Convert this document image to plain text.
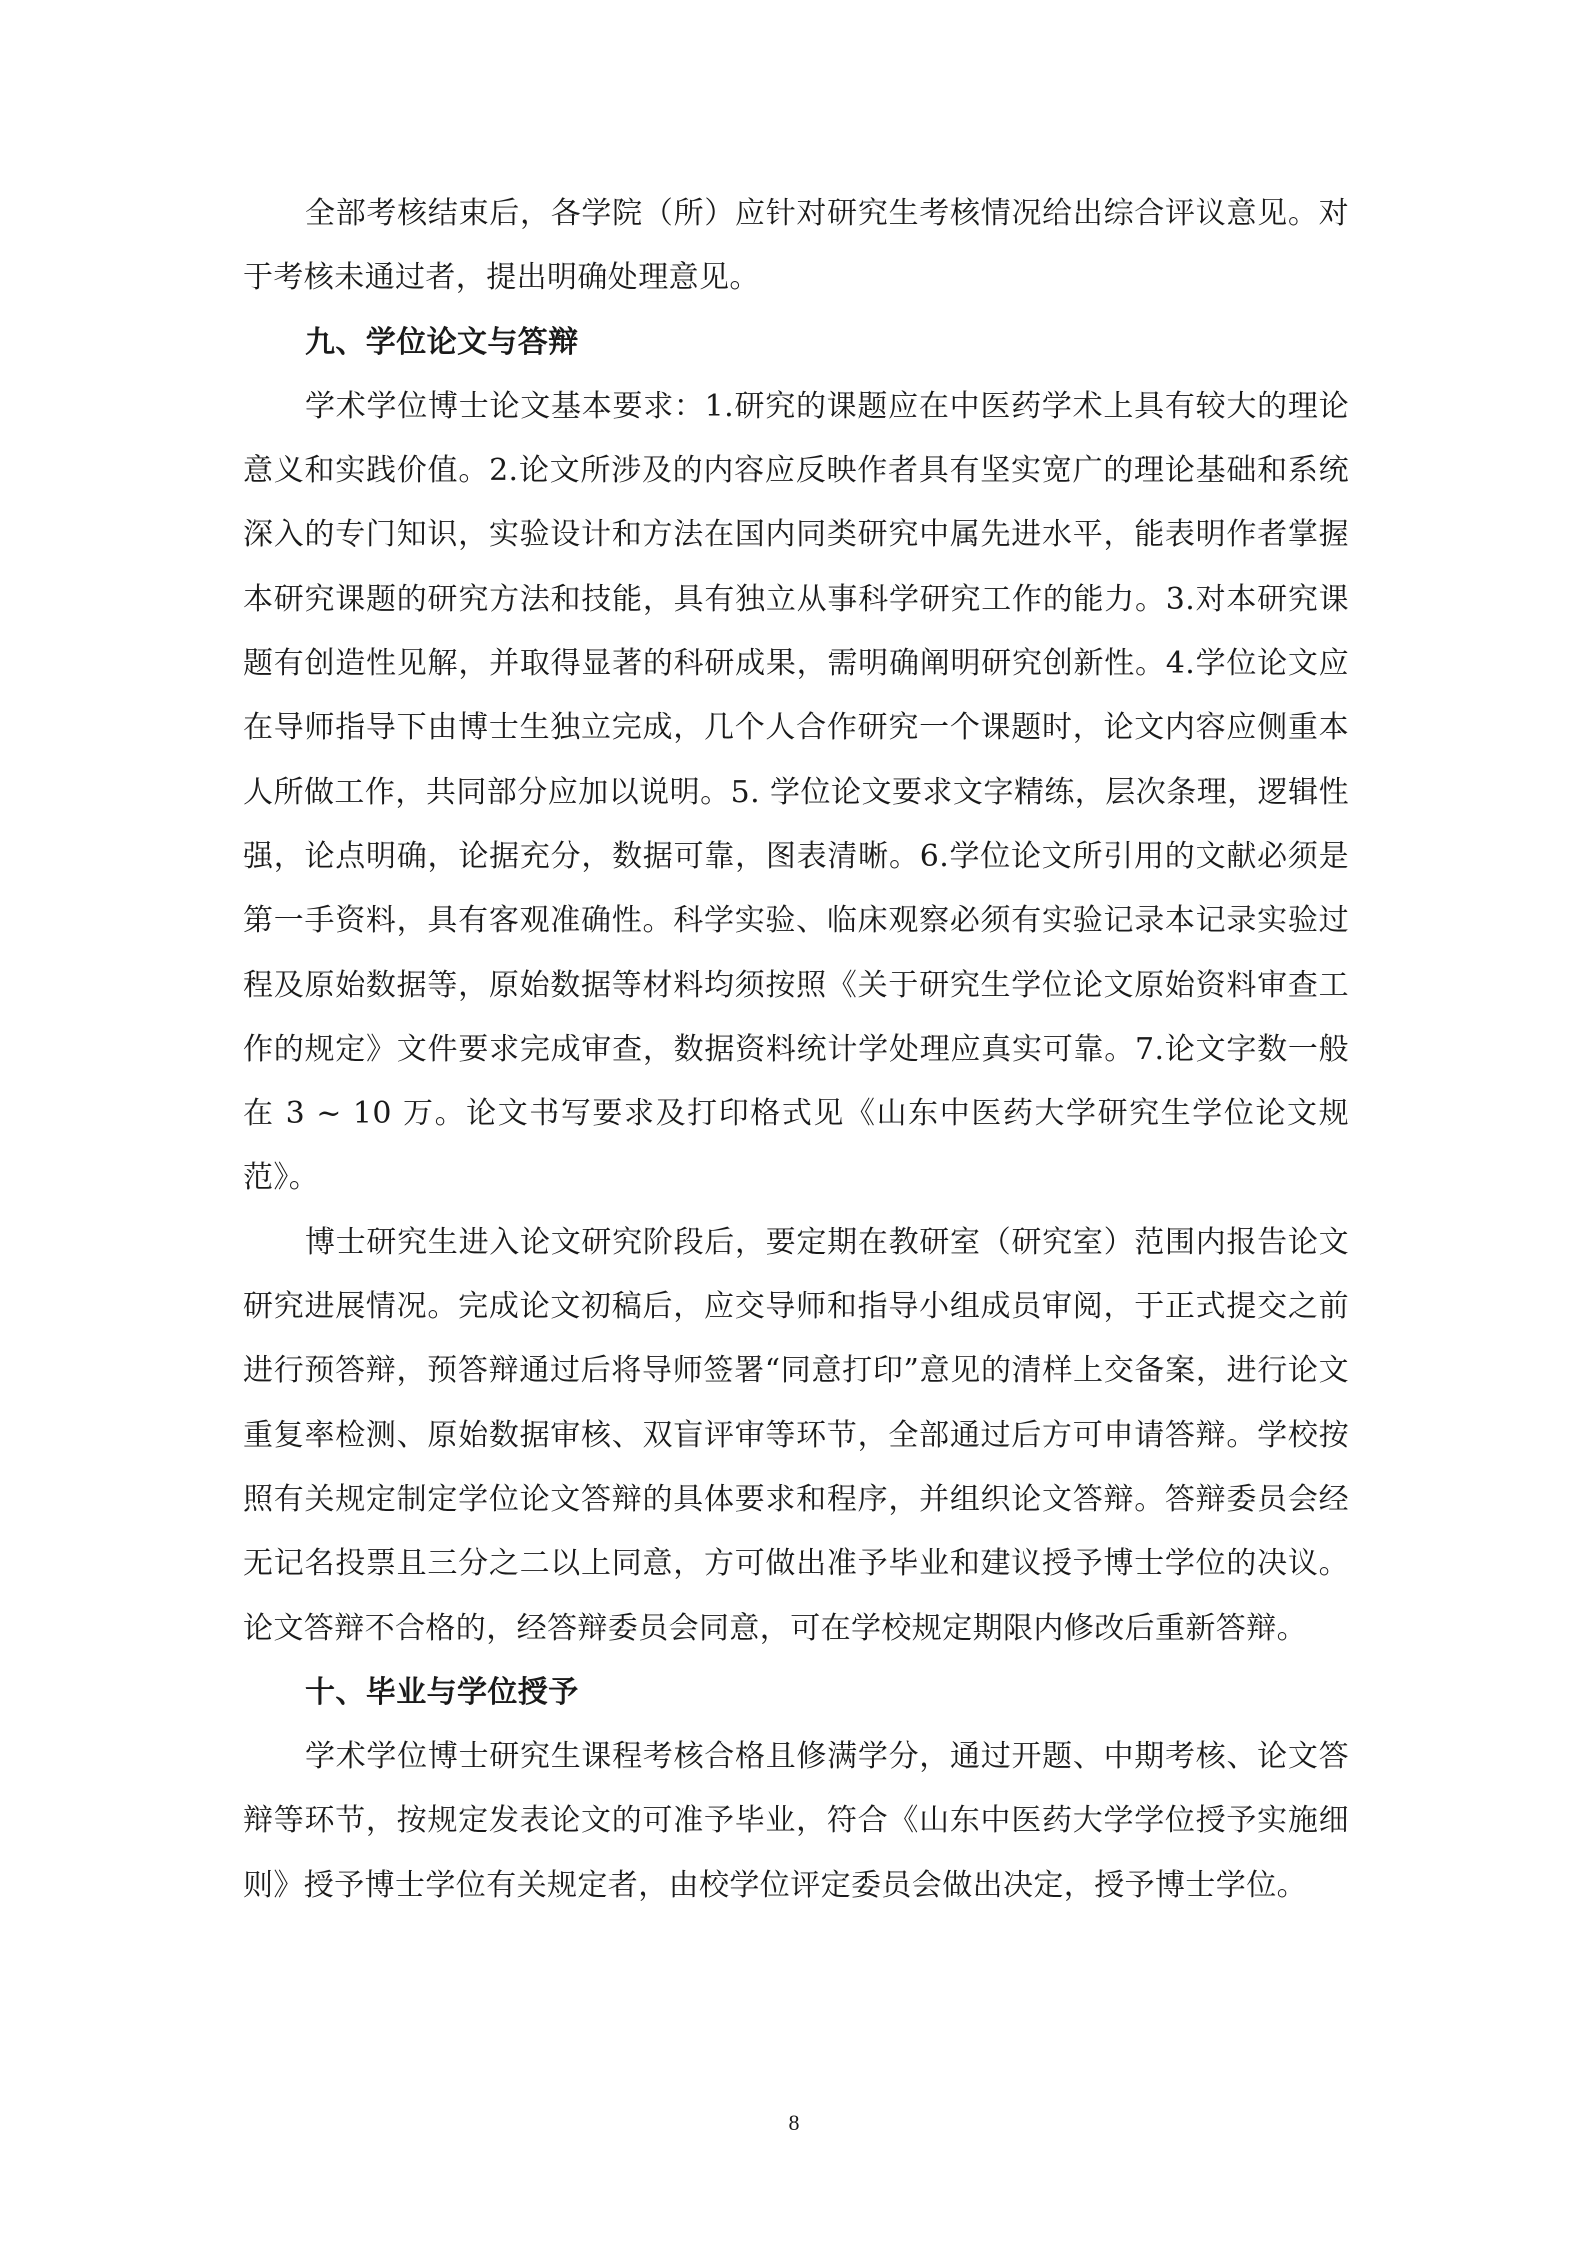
全部考核结束后，各学院（所）应针对研究生考核情况给出综合评议意见。对于考核未通过者，提出明确处理意见。

九、学位论文与答辩

学术学位博士论文基本要求：1.研究的课题应在中医药学术上具有较大的理论意义和实践价值。2.论文所涉及的内容应反映作者具有坚实宽广的理论基础和系统深入的专门知识，实验设计和方法在国内同类研究中属先进水平，能表明作者掌握本研究课题的研究方法和技能，具有独立从事科学研究工作的能力。3.对本研究课题有创造性见解，并取得显著的科研成果，需明确阐明研究创新性。4.学位论文应在导师指导下由博士生独立完成，几个人合作研究一个课题时，论文内容应侧重本人所做工作，共同部分应加以说明。5. 学位论文要求文字精练，层次条理，逻辑性强，论点明确，论据充分，数据可靠，图表清晰。6.学位论文所引用的文献必须是第一手资料，具有客观准确性。科学实验、临床观察必须有实验记录本记录实验过程及原始数据等，原始数据等材料均须按照《关于研究生学位论文原始资料审查工作的规定》文件要求完成审查，数据资料统计学处理应真实可靠。7.论文字数一般在 3 ~ 10 万。论文书写要求及打印格式见《山东中医药大学研究生学位论文规范》。

博士研究生进入论文研究阶段后，要定期在教研室（研究室）范围内报告论文研究进展情况。完成论文初稿后，应交导师和指导小组成员审阅，于正式提交之前进行预答辩，预答辩通过后将导师签署“同意打印”意见的清样上交备案，进行论文重复率检测、原始数据审核、双盲评审等环节，全部通过后方可申请答辩。学校按照有关规定制定学位论文答辩的具体要求和程序，并组织论文答辩。答辩委员会经无记名投票且三分之二以上同意，方可做出准予毕业和建议授予博士学位的决议。论文答辩不合格的，经答辩委员会同意，可在学校规定期限内修改后重新答辩。

十、毕业与学位授予

学术学位博士研究生课程考核合格且修满学分，通过开题、中期考核、论文答辩等环节，按规定发表论文的可准予毕业，符合《山东中医药大学学位授予实施细则》授予博士学位有关规定者，由校学位评定委员会做出决定，授予博士学位。

8
